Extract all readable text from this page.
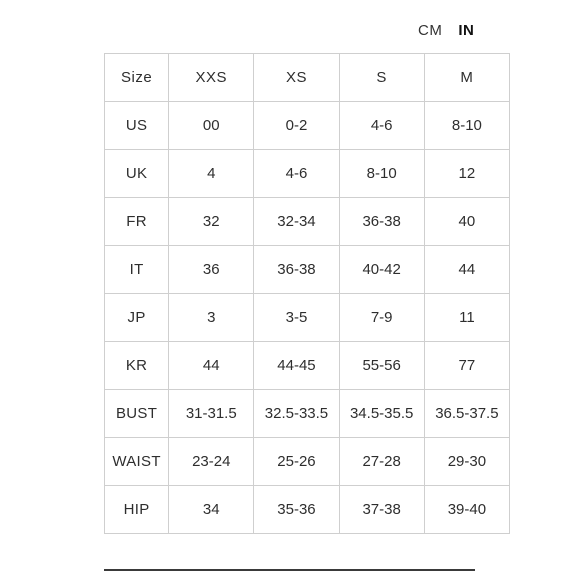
CM IN
Size	XXS	XS	S	M
US	00	0-2	4-6	8-10
UK	4	4-6	8-10	12
FR	32	32-34	36-38	40
IT	36	36-38	40-42	44
JP	3	3-5	7-9	11
KR	44	44-45	55-56	77
BUST	31-31.5	32.5-33.5	34.5-35.5	36.5-37.5
WAIST	23-24	25-26	27-28	29-30
HIP	34	35-36	37-38	39-40
